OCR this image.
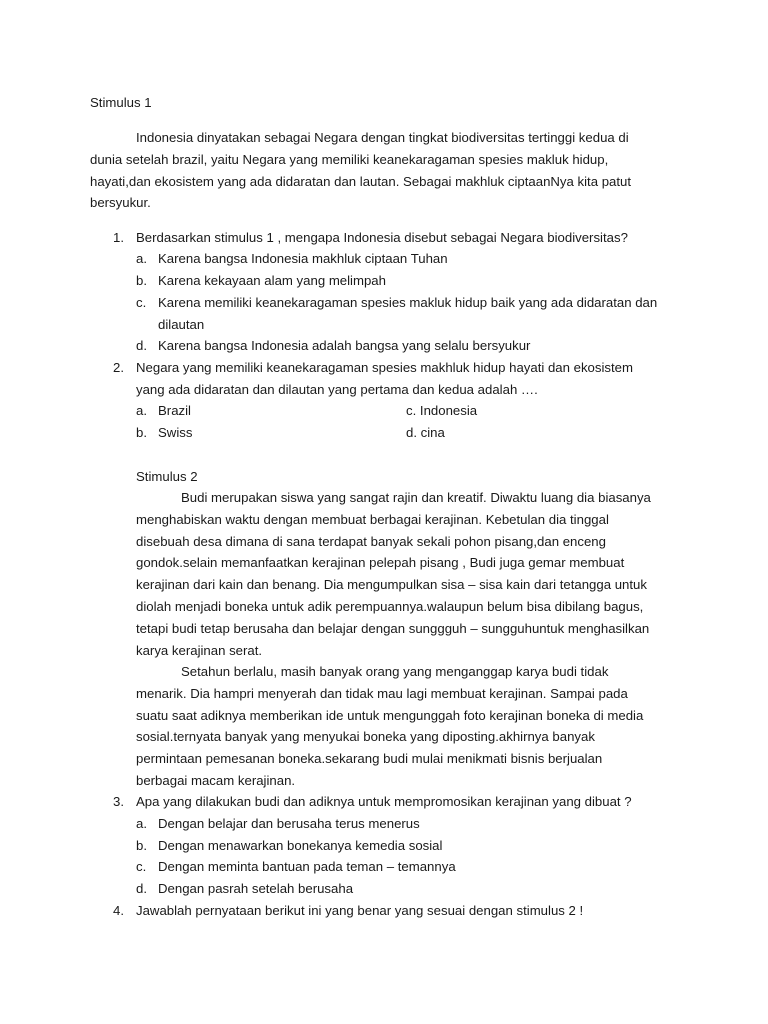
Stimulus 1
Indonesia dinyatakan sebagai Negara dengan tingkat biodiversitas tertinggi kedua di
dunia setelah brazil, yaitu Negara yang memiliki keanekaragaman spesies makluk hidup,
hayati,dan ekosistem yang ada didaratan dan lautan. Sebagai makhluk ciptaanNya kita patut
bersyukur.
1. Berdasarkan stimulus 1 , mengapa Indonesia disebut sebagai Negara biodiversitas?
a. Karena bangsa Indonesia makhluk ciptaan Tuhan
b. Karena kekayaan alam yang melimpah
c. Karena memiliki keanekaragaman spesies makluk hidup baik yang ada didaratan dan
dilautan
d. Karena bangsa Indonesia adalah bangsa yang selalu bersyukur
2. Negara yang memiliki keanekaragaman spesies makhluk hidup hayati dan ekosistem
yang ada didaratan dan dilautan yang pertama dan kedua adalah ….
a. Brazil	c. Indonesia
b. Swiss	d. cina
Stimulus 2
Budi merupakan siswa yang sangat rajin dan kreatif. Diwaktu luang dia biasanya
menghabiskan waktu dengan membuat berbagai kerajinan. Kebetulan dia tinggal
disebuah desa dimana di sana terdapat banyak sekali pohon pisang,dan enceng
gondok.selain memanfaatkan kerajinan pelepah pisang , Budi juga gemar membuat
kerajinan dari kain dan benang. Dia mengumpulkan sisa – sisa kain dari tetangga untuk
diolah menjadi boneka untuk adik perempuannya.walaupun belum bisa dibilang bagus,
tetapi budi tetap berusaha dan belajar dengan sunggguh – sungguhuntuk menghasilkan
karya kerajinan serat.
Setahun berlalu, masih banyak orang yang menganggap karya budi tidak
menarik. Dia hampri menyerah dan tidak mau lagi membuat kerajinan. Sampai pada
suatu saat adiknya memberikan ide untuk mengunggah foto kerajinan boneka di media
sosial.ternyata banyak yang menyukai boneka yang diposting.akhirnya banyak
permintaan pemesanan boneka.sekarang budi mulai menikmati bisnis berjualan
berbagai macam kerajinan.
3. Apa yang dilakukan budi dan adiknya untuk mempromosikan kerajinan yang dibuat ?
a. Dengan belajar dan berusaha terus menerus
b. Dengan menawarkan bonekanya kemedia sosial
c. Dengan meminta bantuan pada teman – temannya
d. Dengan pasrah setelah berusaha
4. Jawablah pernyataan berikut ini yang benar yang sesuai dengan stimulus 2 !
